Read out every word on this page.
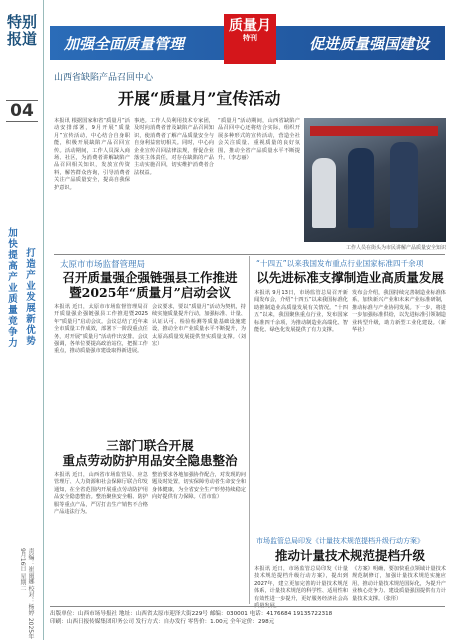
特别报道
04
加快提高产业质量竞争力
打造产业发展新优势
责编：崔丽娜 校对：杨婷 2025年9月16日 星期二
加强全面质量管理	促进质量强国建设
质量月
特刊
山西省缺陷产品召回中心
开展“质量月”宣传活动
本报讯 根据国家和省“质量月”活动安排部署，9月开展“质量月”宣传活动，中心结合自身职能，积极开展缺陷产品召回宣传。活动期间，工作人员深入商场、社区，为消费者讲解缺陷产品召回相关知识，发放宣传资料，解答群众咨询，引导消费者关注产品质量安全，提高自我保护意识。
事迹。工作人员利用技术专家团，及时向消费者普及缺陷产品召回知识，使消费者了解产品质量安全与自身利益密切相关。同时，中心向企业宣传召回法律法规，督促企业落实主体责任，对存在缺陷的产品主动实施召回，切实维护消费者合法权益。
“质量月”活动期间，山西省缺陷产品召回中心还将结合实际，组织开展多种形式的宣传活动，营造全社会关注质量、重视质量的良好氛围，推动全省产品质量水平不断提升。（李志丽）
工作人员在街头为市民讲解产品质量安全知识
太原市市场监督管理局
召开质量强企强链强县工作推进
暨2025年“质量月”启动会议
本报讯 近日，太原市市场监督管理局召开质量强企强链强县工作推进暨2025年“质量月”启动会议。会议总结了近年来全市质量工作成效，部署下一阶段重点任务，对开展“质量月”活动作出安排。会议强调，各单位要提高政治站位，把握工作重点，推动质量强市建设取得新进展。
会议要求，要以“质量月”活动为契机，持续实施质量提升行动，加强标准、计量、认证认可、检验检测等质量基础设施建设，推动全市产业质量水平不断提升，为太原高质量发展提供坚实质量支撑。（刘宏）
三部门联合开展
重点劳动防护用品安全隐患整治
本报讯 近日，山西省市场监管局、应急管理厅、人力资源和社会保障厅联合印发通知，在全省范围内开展重点劳动防护用品安全隐患整治。整治聚焦安全帽、防护服等重点产品，严厉打击生产销售不合格产品违法行为。
整治要求各地加强协作配合，对发现的问题及时处置，切实保障劳动者生命安全和身体健康，为全省安全生产形势持续稳定向好提供有力保障。（晋市监）
“十四五”以来我国发布重点行业国家标准四千余项
以先进标准支撑制造业高质量发展
本报讯 9月13日，市场监管总局召开新闻发布会，介绍“十四五”以来我国标准化助推制造业高质量发展有关情况。“十四五”以来，我国聚焦重点行业，发布国家标准四千余项，为推动制造业高端化、智能化、绿色化发展提供了有力支撑。
发布会介绍，我国持续完善制造业标准体系，加快新兴产业和未来产业标准研制，推动标准与产业协同发展。下一步，将进一步加强标准供给，以先进标准引领制造业转型升级，助力新型工业化建设。（新华社）
市场监管总局印发《计量技术规范提档升级行动方案》
推动计量技术规范提档升级
本报讯 近日，市场监管总局印发《计量技术规范提档升级行动方案》，提出到2027年，建立更加完善的计量技术规范体系，计量技术规范的科学性、适用性和有效性进一步提升，更好服务经济社会高质量发展。
《方案》明确，要加快重点领域计量技术规范制修订，加强计量技术规范实施应用，推动计量技术规范国际化，为提升产业核心竞争力、建设质量强国提供有力计量技术支撑。（张彤）
出版单位：山西市场导报社 地址：山西省太原市迎泽大街229号 邮编：030001 电话：4176684 19135722318
印刷：山西日报传媒集团印务公司 发行方式：自办发行 零售价：1.00元 全年定价：298元
